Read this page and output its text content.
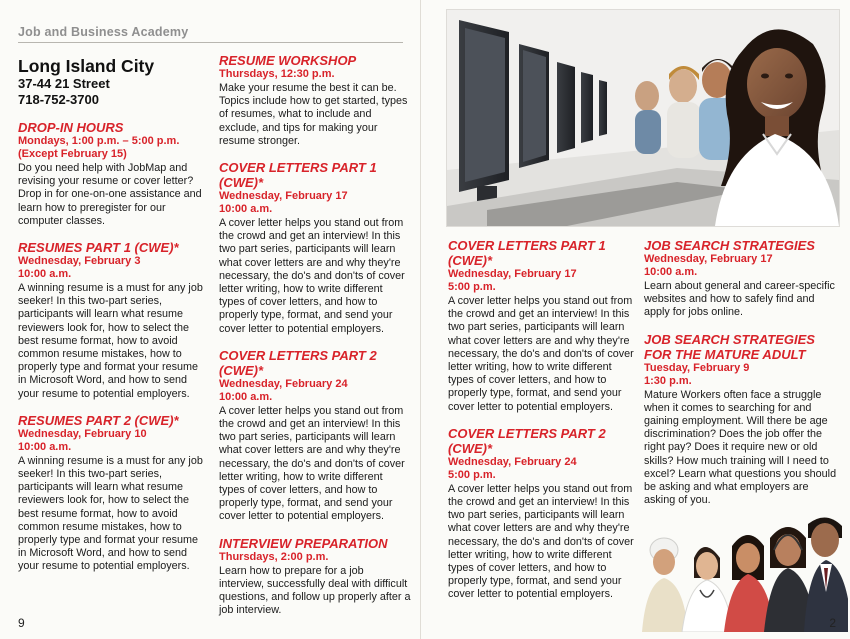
Job and Business Academy
Long Island City
37-44 21 Street
718-752-3700
DROP-IN HOURS
Mondays, 1:00 p.m. – 5:00 p.m.
(Except February 15)

Do you need help with JobMap and revising your resume or cover letter? Drop in for one-on-one assistance and learn how to preregister for our computer classes.

RESUMES PART 1 (CWE)*
Wednesday, February 3
10:00 a.m.

A winning resume is a must for any job seeker! In this two-part series, participants will learn what resume reviewers look for, how to select the best resume format, how to avoid common resume mistakes, how to properly type and format your resume in Microsoft Word, and how to send your resume to potential employers.

RESUMES PART 2 (CWE)*
Wednesday, February 10
10:00 a.m.

A winning resume is a must for any job seeker! In this two-part series, participants will learn what resume reviewers look for, how to select the best resume format, how to avoid common resume mistakes, how to properly type and format your resume in Microsoft Word, and how to send your resume to potential employers.

RESUME WORKSHOP
Thursdays, 12:30 p.m.

Make your resume the best it can be. Topics include how to get started, types of resumes, what to include and exclude, and tips for making your resume stronger.

COVER LETTERS PART 1 (CWE)*
Wednesday, February 17
10:00 a.m.

A cover letter helps you stand out from the crowd and get an interview! In this two part series, participants will learn what cover letters are and why they're necessary, the do's and don'ts of cover letter writing, how to write different types of cover letters, and how to properly type, format, and send your cover letter to potential employers.

COVER LETTERS PART 2 (CWE)*
Wednesday, February 24
10:00 a.m.

A cover letter helps you stand out from the crowd and get an interview! In this two part series, participants will learn what cover letters are and why they're necessary, the do's and don'ts of cover letter writing, how to write different types of cover letters, and how to properly type, format, and send your cover letter to potential employers.

INTERVIEW PREPARATION
Thursdays, 2:00 p.m.

Learn how to prepare for a job interview, successfully deal with difficult questions, and follow up properly after a job interview.

9
COVER LETTERS PART 1 (CWE)*
Wednesday, February 17
5:00 p.m.

A cover letter helps you stand out from the crowd and get an interview! In this two part series, participants will learn what cover letters are and why they're necessary, the do's and don'ts of cover letter writing, how to write different types of cover letters, and how to properly type, format, and send your cover letter to potential employers.

COVER LETTERS PART 2 (CWE)*
Wednesday, February 24
5:00 p.m.

A cover letter helps you stand out from the crowd and get an interview! In this two part series, participants will learn what cover letters are and why they're necessary, the do's and don'ts of cover letter writing, how to write different types of cover letters, and how to properly type, format, and send your cover letter to potential employers.

JOB SEARCH STRATEGIES
Wednesday, February 17
10:00 a.m.

Learn about general and career-specific websites and how to safely find and apply for jobs online.

JOB SEARCH STRATEGIES FOR THE MATURE ADULT
Tuesday, February 9
1:30 p.m.

Mature Workers often face a struggle when it comes to searching for and gaining employment. Will there be age discrimination? Does the job offer the right pay? Does it require new or old skills? How much training will I need to excel? Learn what questions you should be asking and what employers are asking of you.

2
